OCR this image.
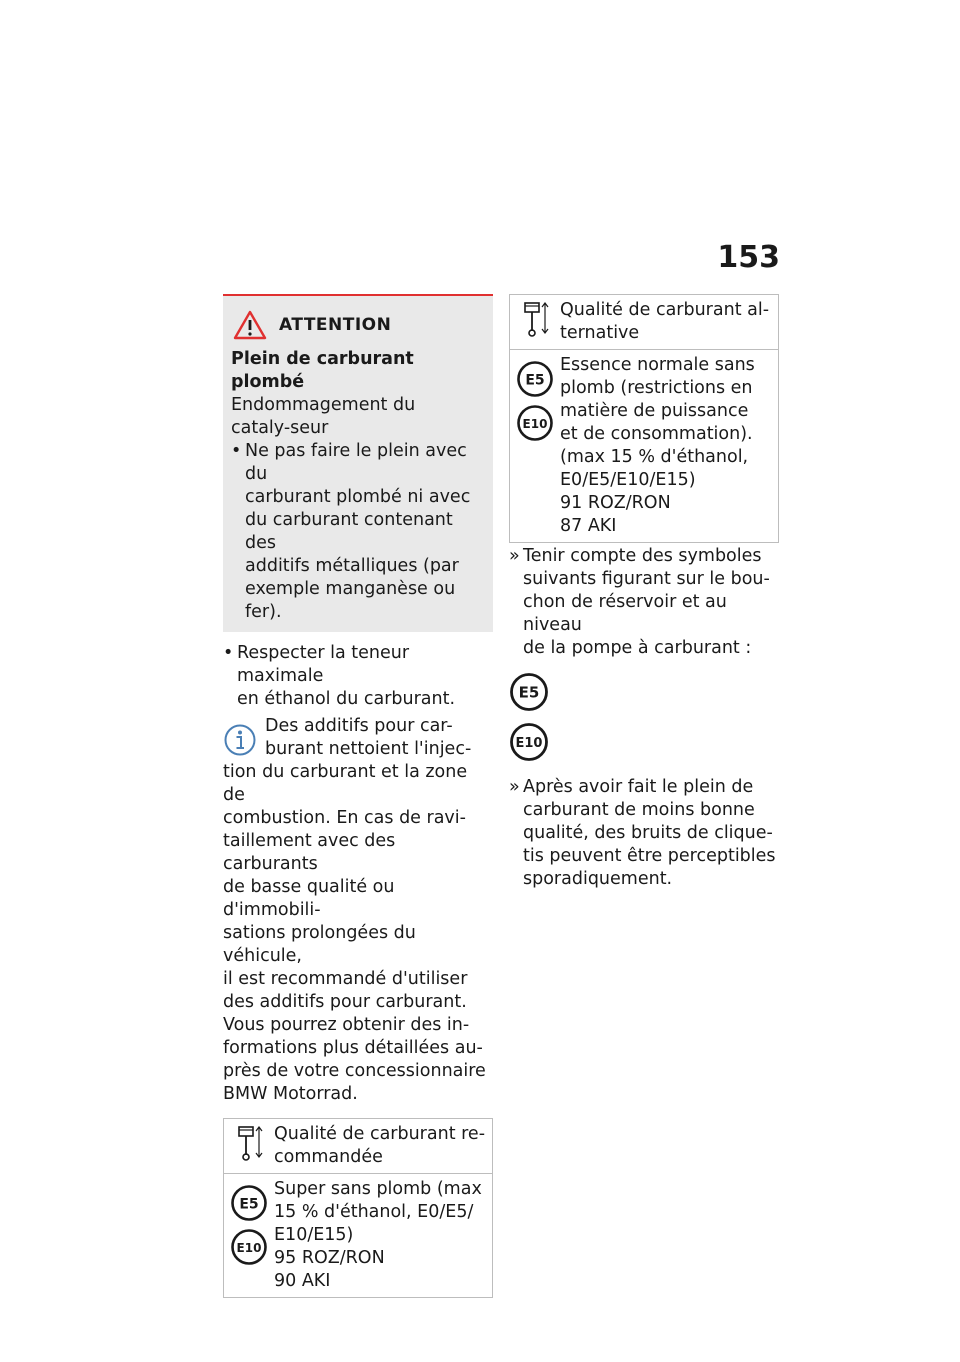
153
ATTENTION
Plein de carburant plombé
Endommagement du cataly-seur
• Ne pas faire le plein avec du
carburant plombé ni avec
du carburant contenant des
additifs métalliques (par
exemple manganèse ou fer).
• Respecter la teneur maximale
en éthanol du carburant.
Des additifs pour car-
burant nettoient l'injec-
tion du carburant et la zone de
combustion. En cas de ravi-
taillement avec des carburants
de basse qualité ou d'immobili-
sations prolongées du véhicule,
il est recommandé d'utiliser
des additifs pour carburant.
Vous pourrez obtenir des in-
formations plus détaillées au-
près de votre concessionnaire
BMW Motorrad.
Qualité de carburant re-
commandée
E5
E10
Super sans plomb (max
15 % d'éthanol, E0/E5/
E10/E15)
95 ROZ/RON
90 AKI
Qualité de carburant al-
ternative
E5
E10
Essence normale sans
plomb (restrictions en
matière de puissance
et de consommation).
(max 15 % d'éthanol,
E0/E5/E10/E15)
91 ROZ/RON
87 AKI
» Tenir compte des symboles
suivants figurant sur le bou-
chon de réservoir et au niveau
de la pompe à carburant :
E5
E10
» Après avoir fait le plein de
carburant de moins bonne
qualité, des bruits de clique-
tis peuvent être perceptibles
sporadiquement.
